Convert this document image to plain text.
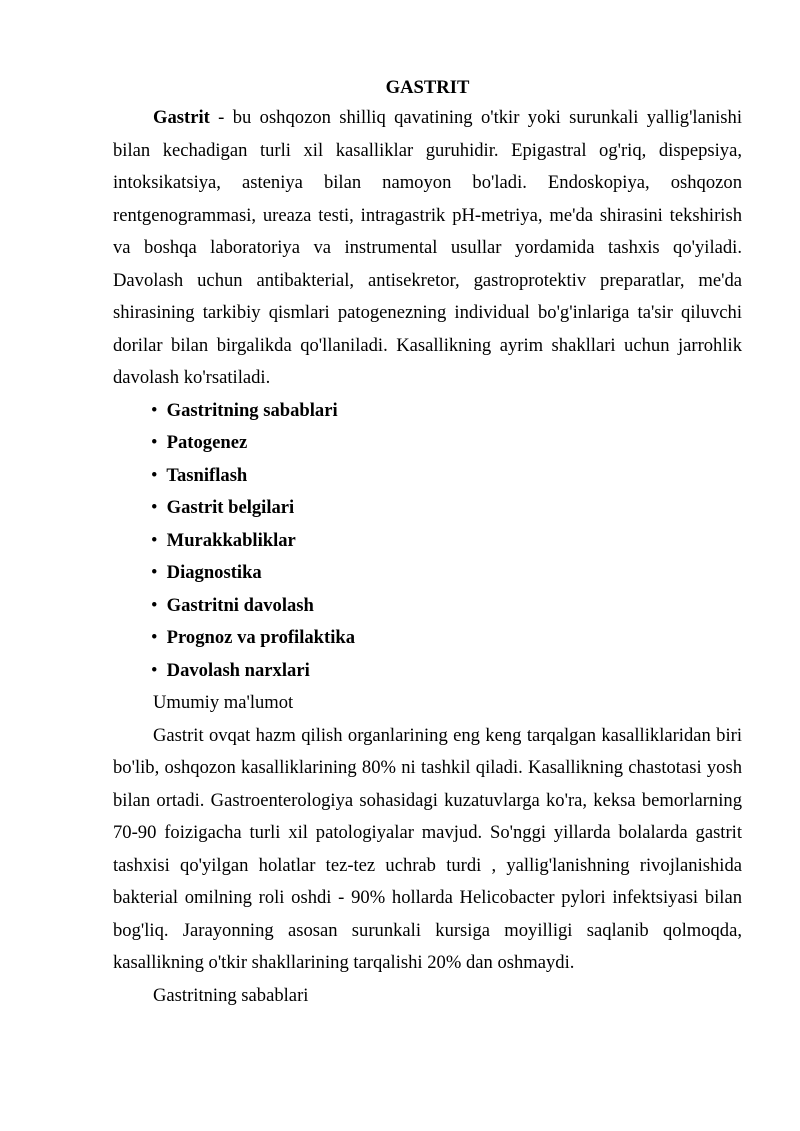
GASTRIT

Gastrit - bu oshqozon shilliq qavatining o'tkir yoki surunkali yallig'lanishi bilan kechadigan turli xil kasalliklar guruhidir. Epigastral og'riq, dispepsiya, intoksikatsiya, asteniya bilan namoyon bo'ladi. Endoskopiya, oshqozon rentgenogrammasi, ureaza testi, intragastrik pH-metriya, me'da shirasini tekshirish va boshqa laboratoriya va instrumental usullar yordamida tashxis qo'yiladi. Davolash uchun antibakterial, antisekretor, gastroprotektiv preparatlar, me'da shirasining tarkibiy qismlari patogenezning individual bo'g'inlariga ta'sir qiluvchi dorilar bilan birgalikda qo'llaniladi. Kasallikning ayrim shakllari uchun jarrohlik davolash ko'rsatiladi.

• Gastritning sabablari
• Patogenez
• Tasniflash
• Gastrit belgilari
• Murakkabliklar
• Diagnostika
• Gastritni davolash
• Prognoz va profilaktika
• Davolash narxlari

Umumiy ma'lumot

Gastrit ovqat hazm qilish organlarining eng keng tarqalgan kasalliklaridan biri bo'lib, oshqozon kasalliklarining 80% ni tashkil qiladi. Kasallikning chastotasi yosh bilan ortadi. Gastroenterologiya sohasidagi kuzatuvlarga ko'ra, keksa bemorlarning 70-90 foizigacha turli xil patologiyalar mavjud. So'nggi yillarda bolalarda gastrit tashxisi qo'yilgan holatlar tez-tez uchrab turdi , yallig'lanishning rivojlanishida bakterial omilning roli oshdi - 90% hollarda Helicobacter pylori infektsiyasi bilan bog'liq. Jarayonning asosan surunkali kursiga moyilligi saqlanib qolmoqda, kasallikning o'tkir shakllarining tarqalishi 20% dan oshmaydi.

Gastritning sabablari
